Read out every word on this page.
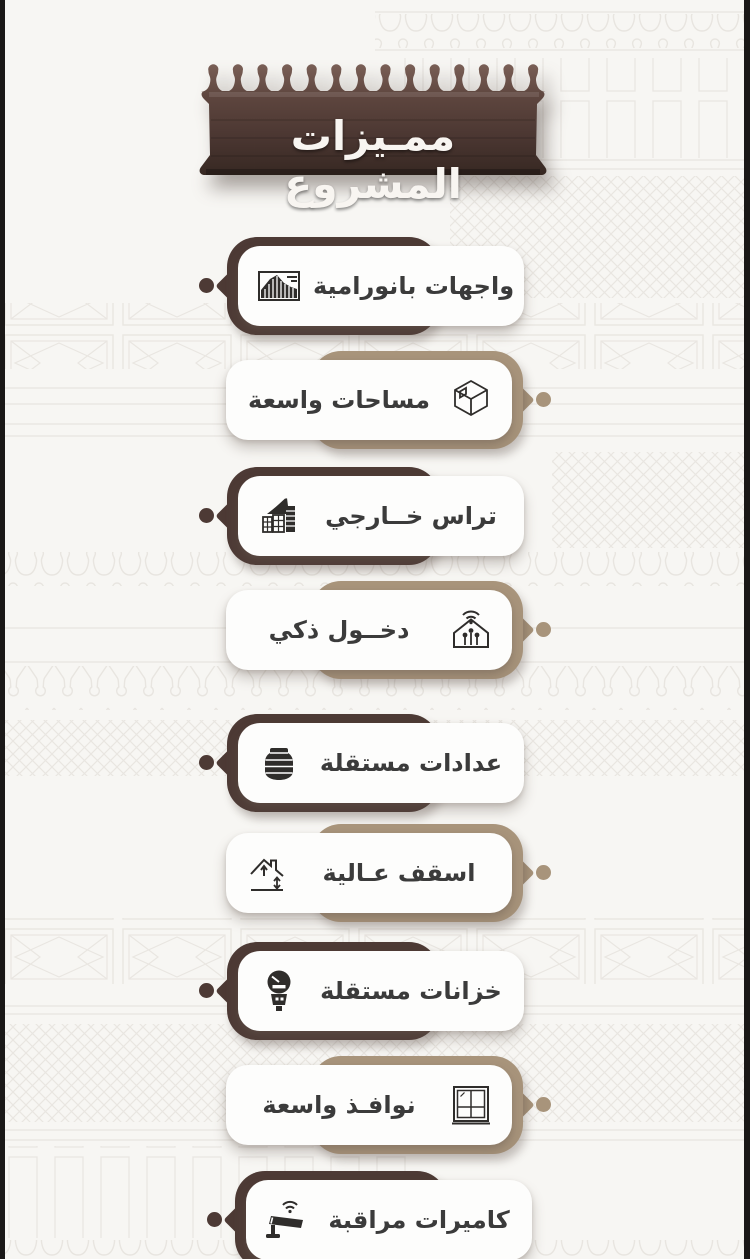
ممـيزات المشروع
واجهات بانورامية
مساحات واسعة
تراس خــارجي
دخــول ذكي
عدادات مستقلة
اسقف عـالية
خزانات مستقلة
نوافـذ واسعة
كاميرات مراقبة
